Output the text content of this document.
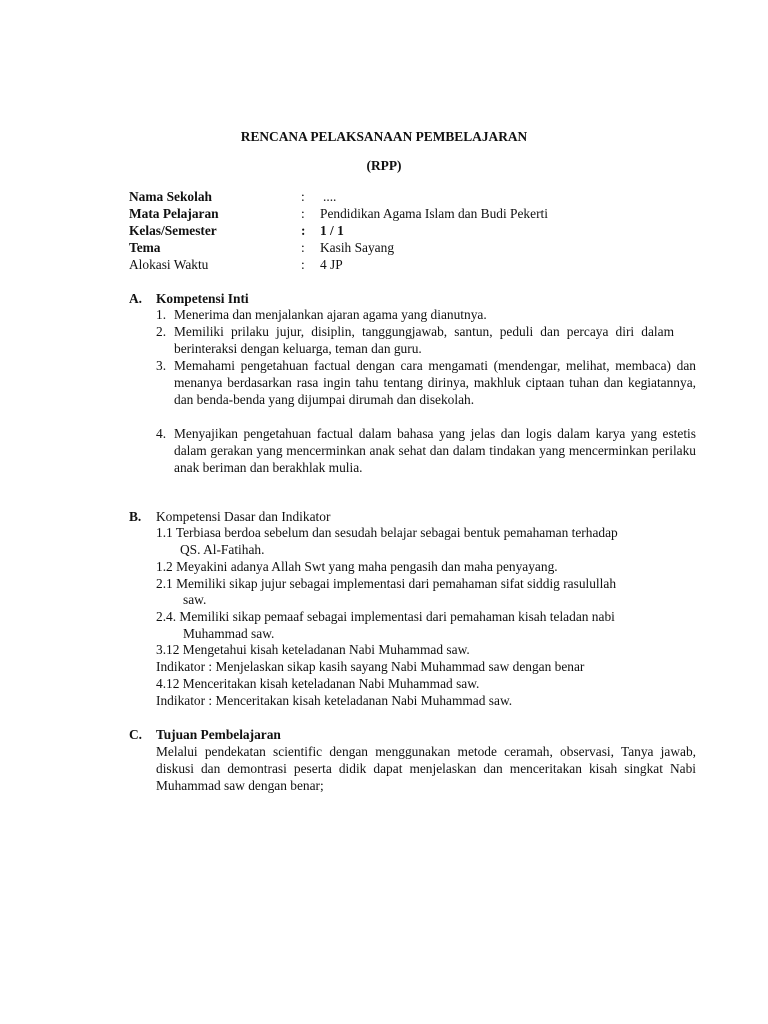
RENCANA PELAKSANAAN PEMBELAJARAN
(RPP)
Nama Sekolah	: ....
Mata Pelajaran	: Pendidikan Agama Islam dan Budi Pekerti
Kelas/Semester	: 1 / 1
Tema	: Kasih Sayang
Alokasi Waktu	: 4 JP
A. Kompetensi Inti
1. Menerima dan menjalankan ajaran agama yang dianutnya.
2. Memiliki prilaku jujur, disiplin, tanggungjawab, santun, peduli dan percaya diri dalam berinteraksi dengan keluarga, teman dan guru.
3. Memahami pengetahuan factual dengan cara mengamati (mendengar, melihat, membaca) dan menanya berdasarkan rasa ingin tahu tentang dirinya, makhluk ciptaan tuhan dan kegiatannya, dan benda-benda yang dijumpai dirumah dan disekolah.
4. Menyajikan pengetahuan factual dalam bahasa yang jelas dan logis dalam karya yang estetis dalam gerakan yang mencerminkan anak sehat dan dalam tindakan yang mencerminkan perilaku anak beriman dan berakhlak mulia.
B. Kompetensi Dasar dan Indikator
1.1 Terbiasa berdoa sebelum dan sesudah belajar sebagai bentuk pemahaman terhadap
QS. Al-Fatihah.
1.2 Meyakini adanya Allah Swt yang maha pengasih dan maha penyayang.
2.1 Memiliki sikap jujur sebagai implementasi dari pemahaman sifat siddig rasulullah
saw.
2.4. Memiliki sikap pemaaf sebagai implementasi dari pemahaman kisah teladan nabi
Muhammad saw.
3.12 Mengetahui kisah keteladanan Nabi Muhammad saw.
Indikator : Menjelaskan sikap kasih sayang Nabi Muhammad saw dengan benar
4.12 Menceritakan kisah keteladanan Nabi Muhammad saw.
Indikator : Menceritakan kisah keteladanan Nabi Muhammad saw.
C. Tujuan Pembelajaran
Melalui pendekatan scientific dengan menggunakan metode ceramah, observasi, Tanya jawab, diskusi dan demontrasi peserta didik dapat menjelaskan dan menceritakan kisah singkat Nabi Muhammad saw dengan benar;
